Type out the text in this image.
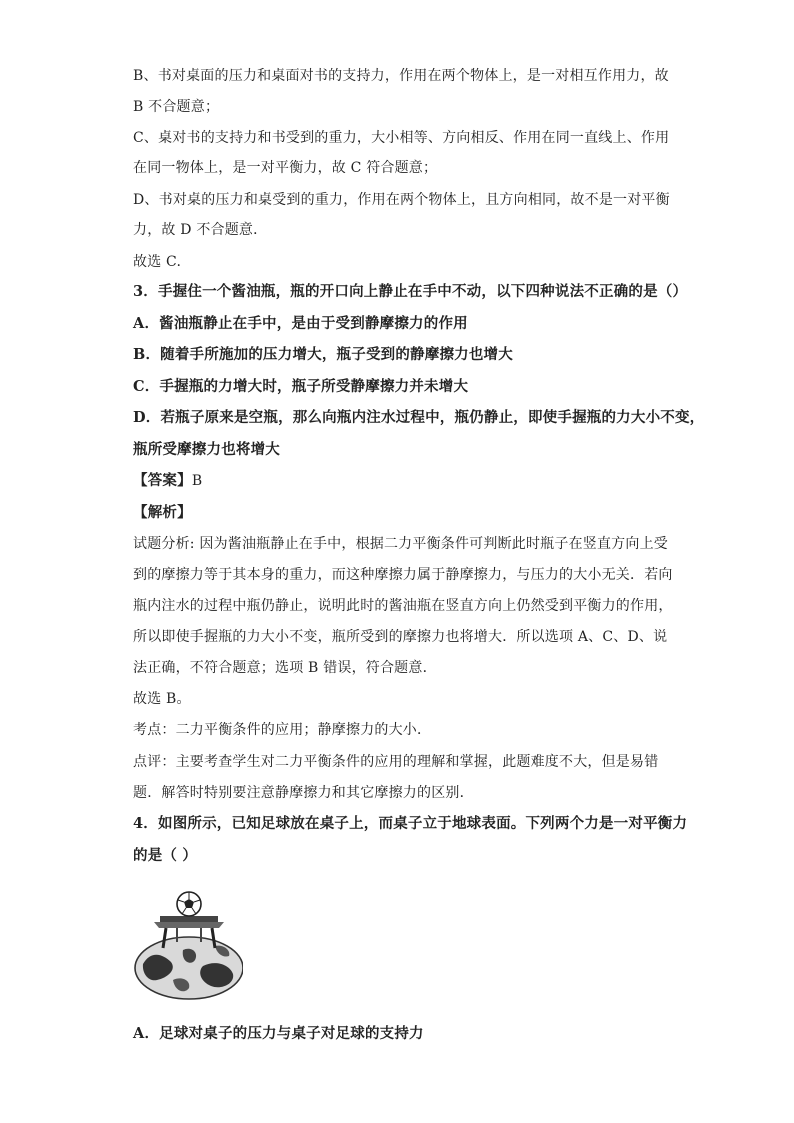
B、书对桌面的压力和桌面对书的支持力，作用在两个物体上，是一对相互作用力，故
B 不合题意；
C、桌对书的支持力和书受到的重力，大小相等、方向相反、作用在同一直线上、作用
在同一物体上，是一对平衡力，故 C 符合题意；
D、书对桌的压力和桌受到的重力，作用在两个物体上，且方向相同，故不是一对平衡
力，故 D 不合题意．
故选 C.
3．手握住一个酱油瓶，瓶的开口向上静止在手中不动，以下四种说法不正确的是（）
A．酱油瓶静止在手中，是由于受到静摩擦力的作用
B．随着手所施加的压力增大，瓶子受到的静摩擦力也增大
C．手握瓶的力增大时，瓶子所受静摩擦力并未增大
D．若瓶子原来是空瓶，那么向瓶内注水过程中，瓶仍静止，即使手握瓶的力大小不变，
瓶所受摩擦力也将增大
【答案】B
【解析】
试题分析: 因为酱油瓶静止在手中，根据二力平衡条件可判断此时瓶子在竖直方向上受
到的摩擦力等于其本身的重力，而这种摩擦力属于静摩擦力，与压力的大小无关．若向
瓶内注水的过程中瓶仍静止，说明此时的酱油瓶在竖直方向上仍然受到平衡力的作用，
所以即使手握瓶的力大小不变，瓶所受到的摩擦力也将增大．所以选项 A、C、D、说
法正确，不符合题意；选项 B 错误，符合题意．
故选 B。
考点：二力平衡条件的应用；静摩擦力的大小．
点评：主要考查学生对二力平衡条件的应用的理解和掌握，此题难度不大，但是易错
题．解答时特别要注意静摩擦力和其它摩擦力的区别．
4．如图所示，已知足球放在桌子上，而桌子立于地球表面。下列两个力是一对平衡力
的是（ ）
A．足球对桌子的压力与桌子对足球的支持力
